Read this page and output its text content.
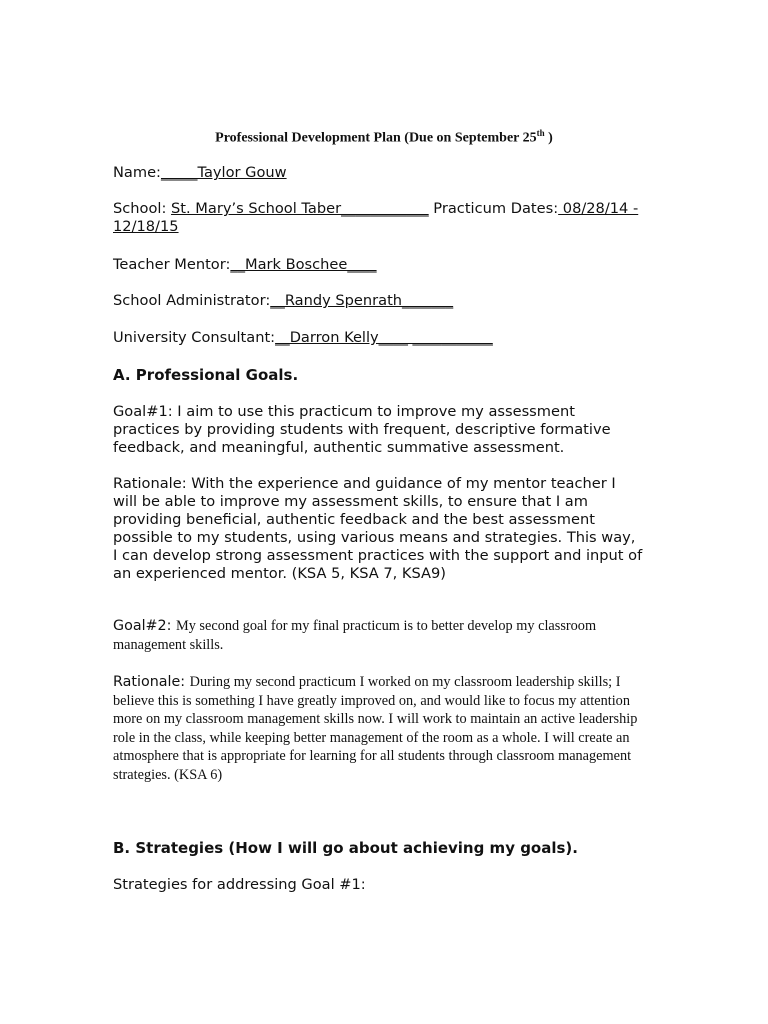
Professional Development Plan (Due on September 25th )
Name:_____Taylor Gouw
School: St. Mary’s School Taber____________ Practicum Dates: 08/28/14 -
12/18/15
Teacher Mentor:__Mark Boschee____
School Administrator:__Randy Spenrath_______
University Consultant:__Darron Kelly____ ___________
A. Professional Goals.
Goal#1: I aim to use this practicum to improve my assessment practices by providing students with frequent, descriptive formative feedback, and meaningful, authentic summative assessment.
Rationale: With the experience and guidance of my mentor teacher I will be able to improve my assessment skills, to ensure that I am providing beneficial, authentic feedback and the best assessment possible to my students, using various means and strategies. This way, I can develop strong assessment practices with the support and input of an experienced mentor. (KSA 5, KSA 7, KSA9)
Goal#2: My second goal for my final practicum is to better develop my classroom management skills.
Rationale: During my second practicum I worked on my classroom leadership skills; I believe this is something I have greatly improved on, and would like to focus my attention more on my classroom management skills now. I will work to maintain an active leadership role in the class, while keeping better management of the room as a whole. I will create an atmosphere that is appropriate for learning for all students through classroom management strategies. (KSA 6)
B. Strategies (How I will go about achieving my goals).
Strategies for addressing Goal #1:
